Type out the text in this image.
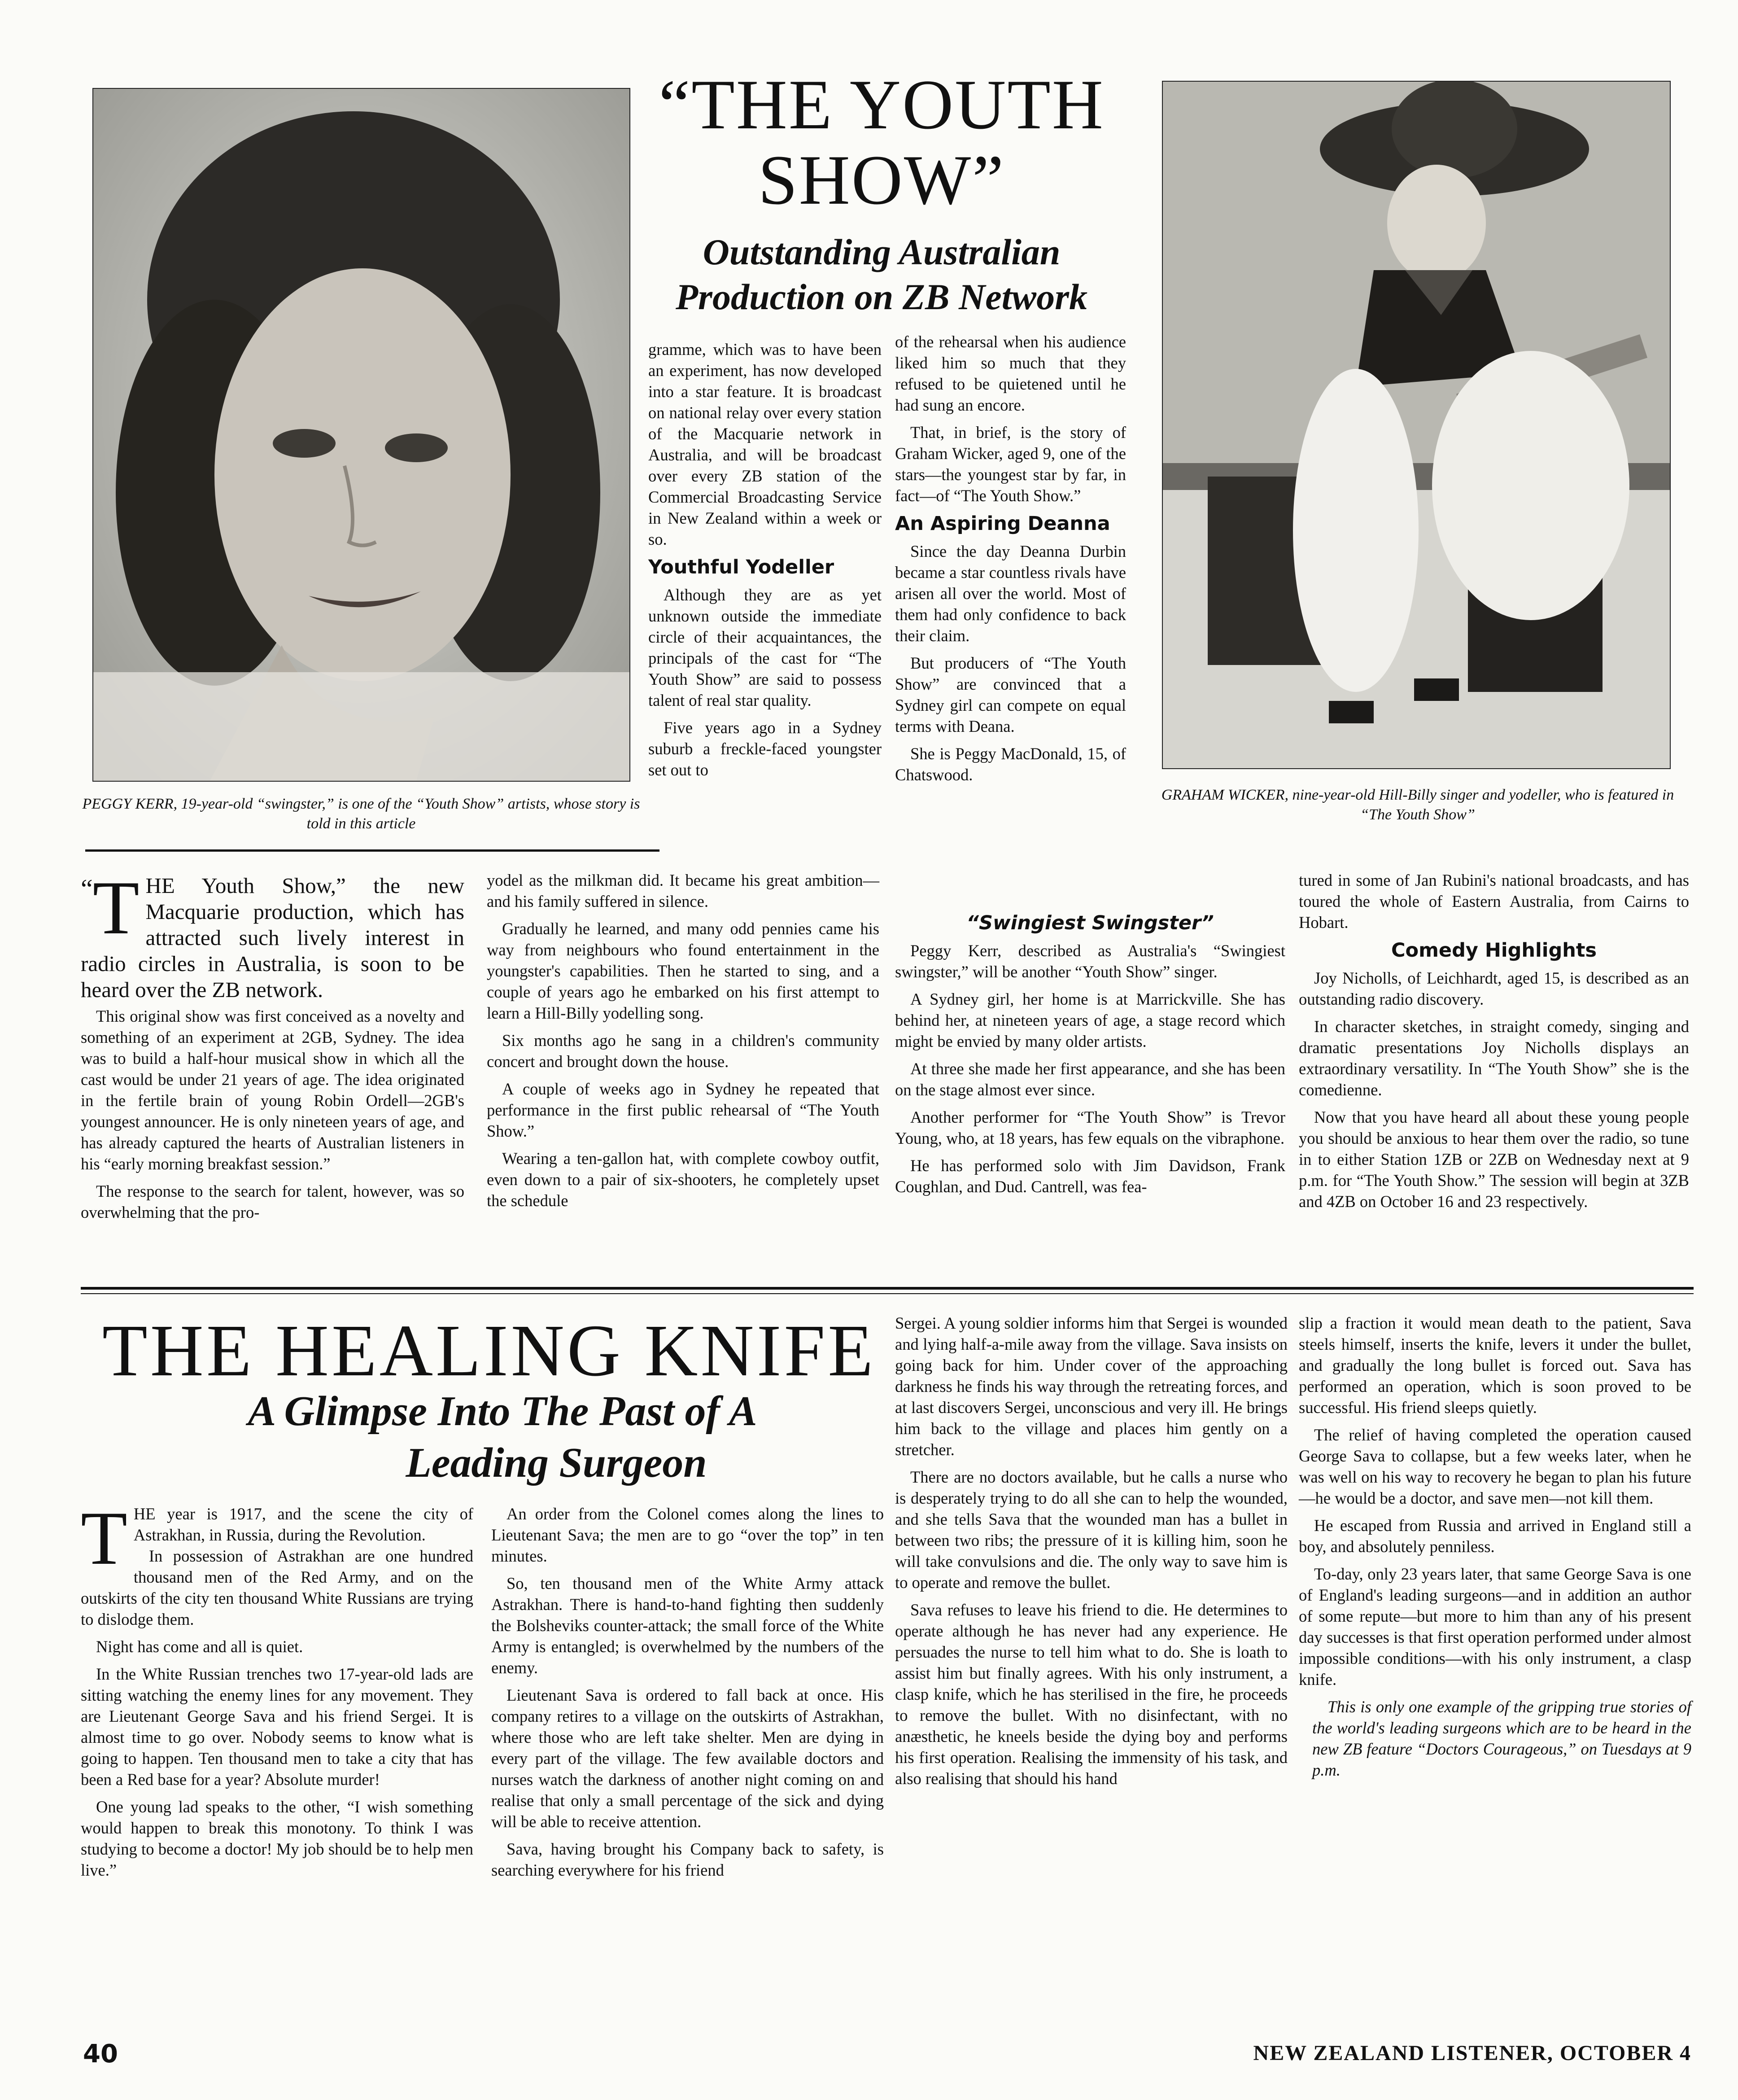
PEGGY KERR, 19-year-old “swingster,” is one of the “Youth Show” artists, whose story is told in this article
“THE YOUTH SHOW”
Outstanding Australian Production on ZB Network

gramme, which was to have been an experiment, has now developed into a star feature. It is broadcast on national relay over every station of the Macquarie network in Australia, and will be broadcast over every ZB station of the Commercial Broadcasting Service in New Zealand within a week or so.

Youthful Yodeller

Although they are as yet unknown outside the immediate circle of their acquaintances, the principals of the cast for “The Youth Show” are said to possess talent of real star quality.

Five years ago in a Sydney suburb a freckle-faced youngster set out to

of the rehearsal when his audience liked him so much that they refused to be quietened until he had sung an encore.

That, in brief, is the story of Graham Wicker, aged 9, one of the stars—the youngest star by far, in fact—of “The Youth Show.”

An Aspiring Deanna

Since the day Deanna Durbin became a star countless rivals have arisen all over the world. Most of them had only confidence to back their claim.

But producers of “The Youth Show” are convinced that a Sydney girl can compete on equal terms with Deana.

She is Peggy MacDonald, 15, of Chatswood.

GRAHAM WICKER, nine-year-old Hill-Billy singer and yodeller, who is featured in “The Youth Show”
“ T HE Youth Show,” the new Macquarie production, which has attracted such lively interest in radio circles in Australia, is soon to be heard over the ZB network.

This original show was first conceived as a novelty and something of an experiment at 2GB, Sydney. The idea was to build a half-hour musical show in which all the cast would be under 21 years of age. The idea originated in the fertile brain of young Robin Ordell—2GB's youngest announcer. He is only nineteen years of age, and has already captured the hearts of Australian listeners in his “early morning breakfast session.”

The response to the search for talent, however, was so overwhelming that the pro-

yodel as the milkman did. It became his great ambition—and his family suffered in silence.

Gradually he learned, and many odd pennies came his way from neighbours who found entertainment in the youngster's capabilities. Then he started to sing, and a couple of years ago he embarked on his first attempt to learn a Hill-Billy yodelling song.

Six months ago he sang in a children's community concert and brought down the house.

A couple of weeks ago in Sydney he repeated that performance in the first public rehearsal of “The Youth Show.”

Wearing a ten-gallon hat, with complete cowboy outfit, even down to a pair of six-shooters, he completely upset the schedule

“Swingiest Swingster”

Peggy Kerr, described as Australia's “Swingiest swingster,” will be another “Youth Show” singer.

A Sydney girl, her home is at Marrickville. She has behind her, at nineteen years of age, a stage record which might be envied by many older artists.

At three she made her first appearance, and she has been on the stage almost ever since.

Another performer for “The Youth Show” is Trevor Young, who, at 18 years, has few equals on the vibraphone.

He has performed solo with Jim Davidson, Frank Coughlan, and Dud. Cantrell, was fea-

tured in some of Jan Rubini's national broadcasts, and has toured the whole of Eastern Australia, from Cairns to Hobart.

Comedy Highlights

Joy Nicholls, of Leichhardt, aged 15, is described as an outstanding radio discovery.

In character sketches, in straight comedy, singing and dramatic presentations Joy Nicholls displays an extraordinary versatility. In “The Youth Show” she is the comedienne.

Now that you have heard all about these young people you should be anxious to hear them over the radio, so tune in to either Station 1ZB or 2ZB on Wednesday next at 9 p.m. for “The Youth Show.” The session will begin at 3ZB and 4ZB on October 16 and 23 respectively.

THE HEALING KNIFE
A Glimpse Into The Past of A
Leading Surgeon
T HE year is 1917, and the scene the city of Astrakhan, in Russia, during the Revolution.

In possession of Astrakhan are one hundred thousand men of the Red Army, and on the outskirts of the city ten thousand White Russians are trying to dislodge them.

Night has come and all is quiet.

In the White Russian trenches two 17-year-old lads are sitting watching the enemy lines for any movement. They are Lieutenant George Sava and his friend Sergei. It is almost time to go over. Nobody seems to know what is going to happen. Ten thousand men to take a city that has been a Red base for a year? Absolute murder!

One young lad speaks to the other, “I wish something would happen to break this monotony. To think I was studying to become a doctor! My job should be to help men live.”

An order from the Colonel comes along the lines to Lieutenant Sava; the men are to go “over the top” in ten minutes.

So, ten thousand men of the White Army attack Astrakhan. There is hand-to-hand fighting then suddenly the Bolsheviks counter-attack; the small force of the White Army is entangled; is overwhelmed by the numbers of the enemy.

Lieutenant Sava is ordered to fall back at once. His company retires to a village on the outskirts of Astrakhan, where those who are left take shelter. Men are dying in every part of the village. The few available doctors and nurses watch the darkness of another night coming on and realise that only a small percentage of the sick and dying will be able to receive attention.

Sava, having brought his Company back to safety, is searching everywhere for his friend

Sergei. A young soldier informs him that Sergei is wounded and lying half-a-mile away from the village. Sava insists on going back for him. Under cover of the approaching darkness he finds his way through the retreating forces, and at last discovers Sergei, unconscious and very ill. He brings him back to the village and places him gently on a stretcher.

There are no doctors available, but he calls a nurse who is desperately trying to do all she can to help the wounded, and she tells Sava that the wounded man has a bullet in between two ribs; the pressure of it is killing him, soon he will take convulsions and die. The only way to save him is to operate and remove the bullet.

Sava refuses to leave his friend to die. He determines to operate although he has never had any experience. He persuades the nurse to tell him what to do. She is loath to assist him but finally agrees. With his only instrument, a clasp knife, which he has sterilised in the fire, he proceeds to remove the bullet. With no disinfectant, with no anæsthetic, he kneels beside the dying boy and performs his first operation. Realising the immensity of his task, and also realising that should his hand

slip a fraction it would mean death to the patient, Sava steels himself, inserts the knife, levers it under the bullet, and gradually the long bullet is forced out. Sava has performed an operation, which is soon proved to be successful. His friend sleeps quietly.

The relief of having completed the operation caused George Sava to collapse, but a few weeks later, when he was well on his way to recovery he began to plan his future—he would be a doctor, and save men—not kill them.

He escaped from Russia and arrived in England still a boy, and absolutely penniless.

To-day, only 23 years later, that same George Sava is one of England's leading surgeons—and in addition an author of some repute—but more to him than any of his present day successes is that first operation performed under almost impossible conditions—with his only instrument, a clasp knife.

This is only one example of the gripping true stories of the world's leading surgeons which are to be heard in the new ZB feature “Doctors Courageous,” on Tuesdays at 9 p.m.

40	NEW ZEALAND LISTENER, OCTOBER 4
